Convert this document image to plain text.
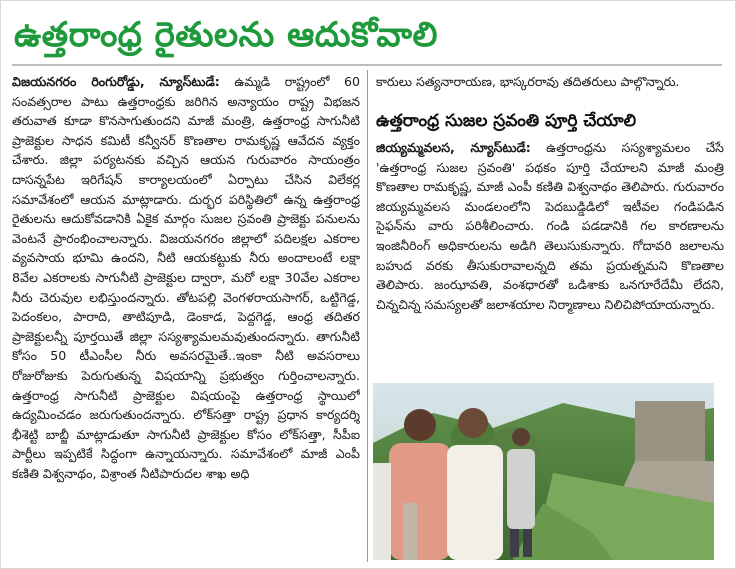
ఉత్తరాంధ్ర రైతులను ఆదుకోవాలి
విజయనగరం రింగురోడ్డు, న్యూస్‌టుడే: ఉమ్మడి రాష్ట్రంలో 60 సంవత్సరాల పాటు ఉత్తరాంధ్రకు జరిగిన అన్యాయం రాష్ట్ర విభజన తరువాత కూడా కొనసాగుతుందని మాజీ మంత్రి, ఉత్తరాంధ్ర సాగునీటి ప్రాజెక్టుల సాధన కమిటీ కన్వీనర్ కొణతాల రామకృష్ణ ఆవేదన వ్యక్తం చేశారు. జిల్లా పర్యటనకు వచ్చిన ఆయన గురువారం సాయంత్రం దాసన్నపేట ఇరిగేషన్ కార్యాలయంలో ఏర్పాటు చేసిన విలేకర్ల సమావేశంలో ఆయన మాట్లాడారు. దుర్భర పరిస్థితిలో ఉన్న ఉత్తరాంధ్ర రైతులను ఆదుకోవడానికి ఏకైక మార్గం సుజల స్రవంతి ప్రాజెక్టు పనులను వెంటనే ప్రారంభించాలన్నారు. విజయనగరం జిల్లాలో పదిలక్షల ఎకరాల వ్యవసాయ భూమి ఉందని, నీటి ఆయకట్టుకు నీరు అందాలంటే లక్షా 8వేల ఎకరాలకు సాగునీటి ప్రాజెక్టుల ద్వారా, మరో లక్షా 30వేల ఎకరాల నీరు చెరువుల లభిస్తుందన్నారు. తోటపల్లి వెంగళరాయసాగర్, ఒట్టిగెడ్డ, పెదంకలం, పారాది, తాటిపూడి, డెంకాడ, పెద్దగెడ్డ, ఆంధ్ర తదితర ప్రాజెక్టులన్నీ పూర్తయితే జిల్లా సస్యశ్యామలమవుతుందన్నారు. తాగునీటి కోసం 50 టీఎంసీల నీరు అవసరమైతే..ఇంకా నీటి అవసరాలు రోజురోజుకు పెరుగుతున్న విషయాన్ని ప్రభుత్వం గుర్తించాలన్నారు. ఉత్తరాంధ్ర సాగునీటి ప్రాజెక్టుల విషయంపై ఉత్తరాంధ్ర స్థాయిలో ఉద్యమించడం జరుగుతుందన్నారు. లోక్‌సత్తా రాష్ట్ర ప్రధాన కార్యదర్శి భీశెట్టి బాబ్జీ మాట్లాడుతూ సాగునీటి ప్రాజెక్టుల కోసం లోక్‌సత్తా, సీపీఐ పార్టీలు ఇప్పటికే సిద్ధంగా ఉన్నాయన్నారు. సమావేశంలో మాజీ ఎంపీ కణితి విశ్వనాథం, విశ్రాంత నీటిపారుదల శాఖ అధి
కారులు సత్యనారాయణ, భాస్కరరావు తదితరులు పాల్గొన్నారు.
ఉత్తరాంధ్ర సుజల స్రవంతి పూర్తి చేయాలి
జియ్యమ్మవలస, న్యూస్‌టుడే: ఉత్తరాంధ్రను సస్యశ్యామలం చేసే 'ఉత్తరాంధ్ర సుజల స్రవంతి' పథకం పూర్తి చేయాలని మాజీ మంత్రి కొణతాల రామకృష్ణ, మాజీ ఎంపీ కణితి విశ్వనాథం తెలిపారు. గురువారం జియ్యమ్మవలస మండలంలోని పెదబుడ్డిడిలో ఇటీవల గండిపడిన సైఫన్‌ను వారు పరిశీలించారు. గండి పడడానికి గల కారణాలను ఇంజినీరింగ్ అధికారులను అడిగి తెలుసుకున్నారు. గోదావరి జలాలను బహుద వరకు తీసుకురావాలన్నది తమ ప్రయత్నమని కొణతాల తెలిపారు. జంఝావతి, వంశధారతో ఒడిశాకు ఒనగూరేదేమీ లేదని, చిన్నచిన్న సమస్యలతో జలాశయాల నిర్మాణాలు నిలిచిపోయాయన్నారు.
